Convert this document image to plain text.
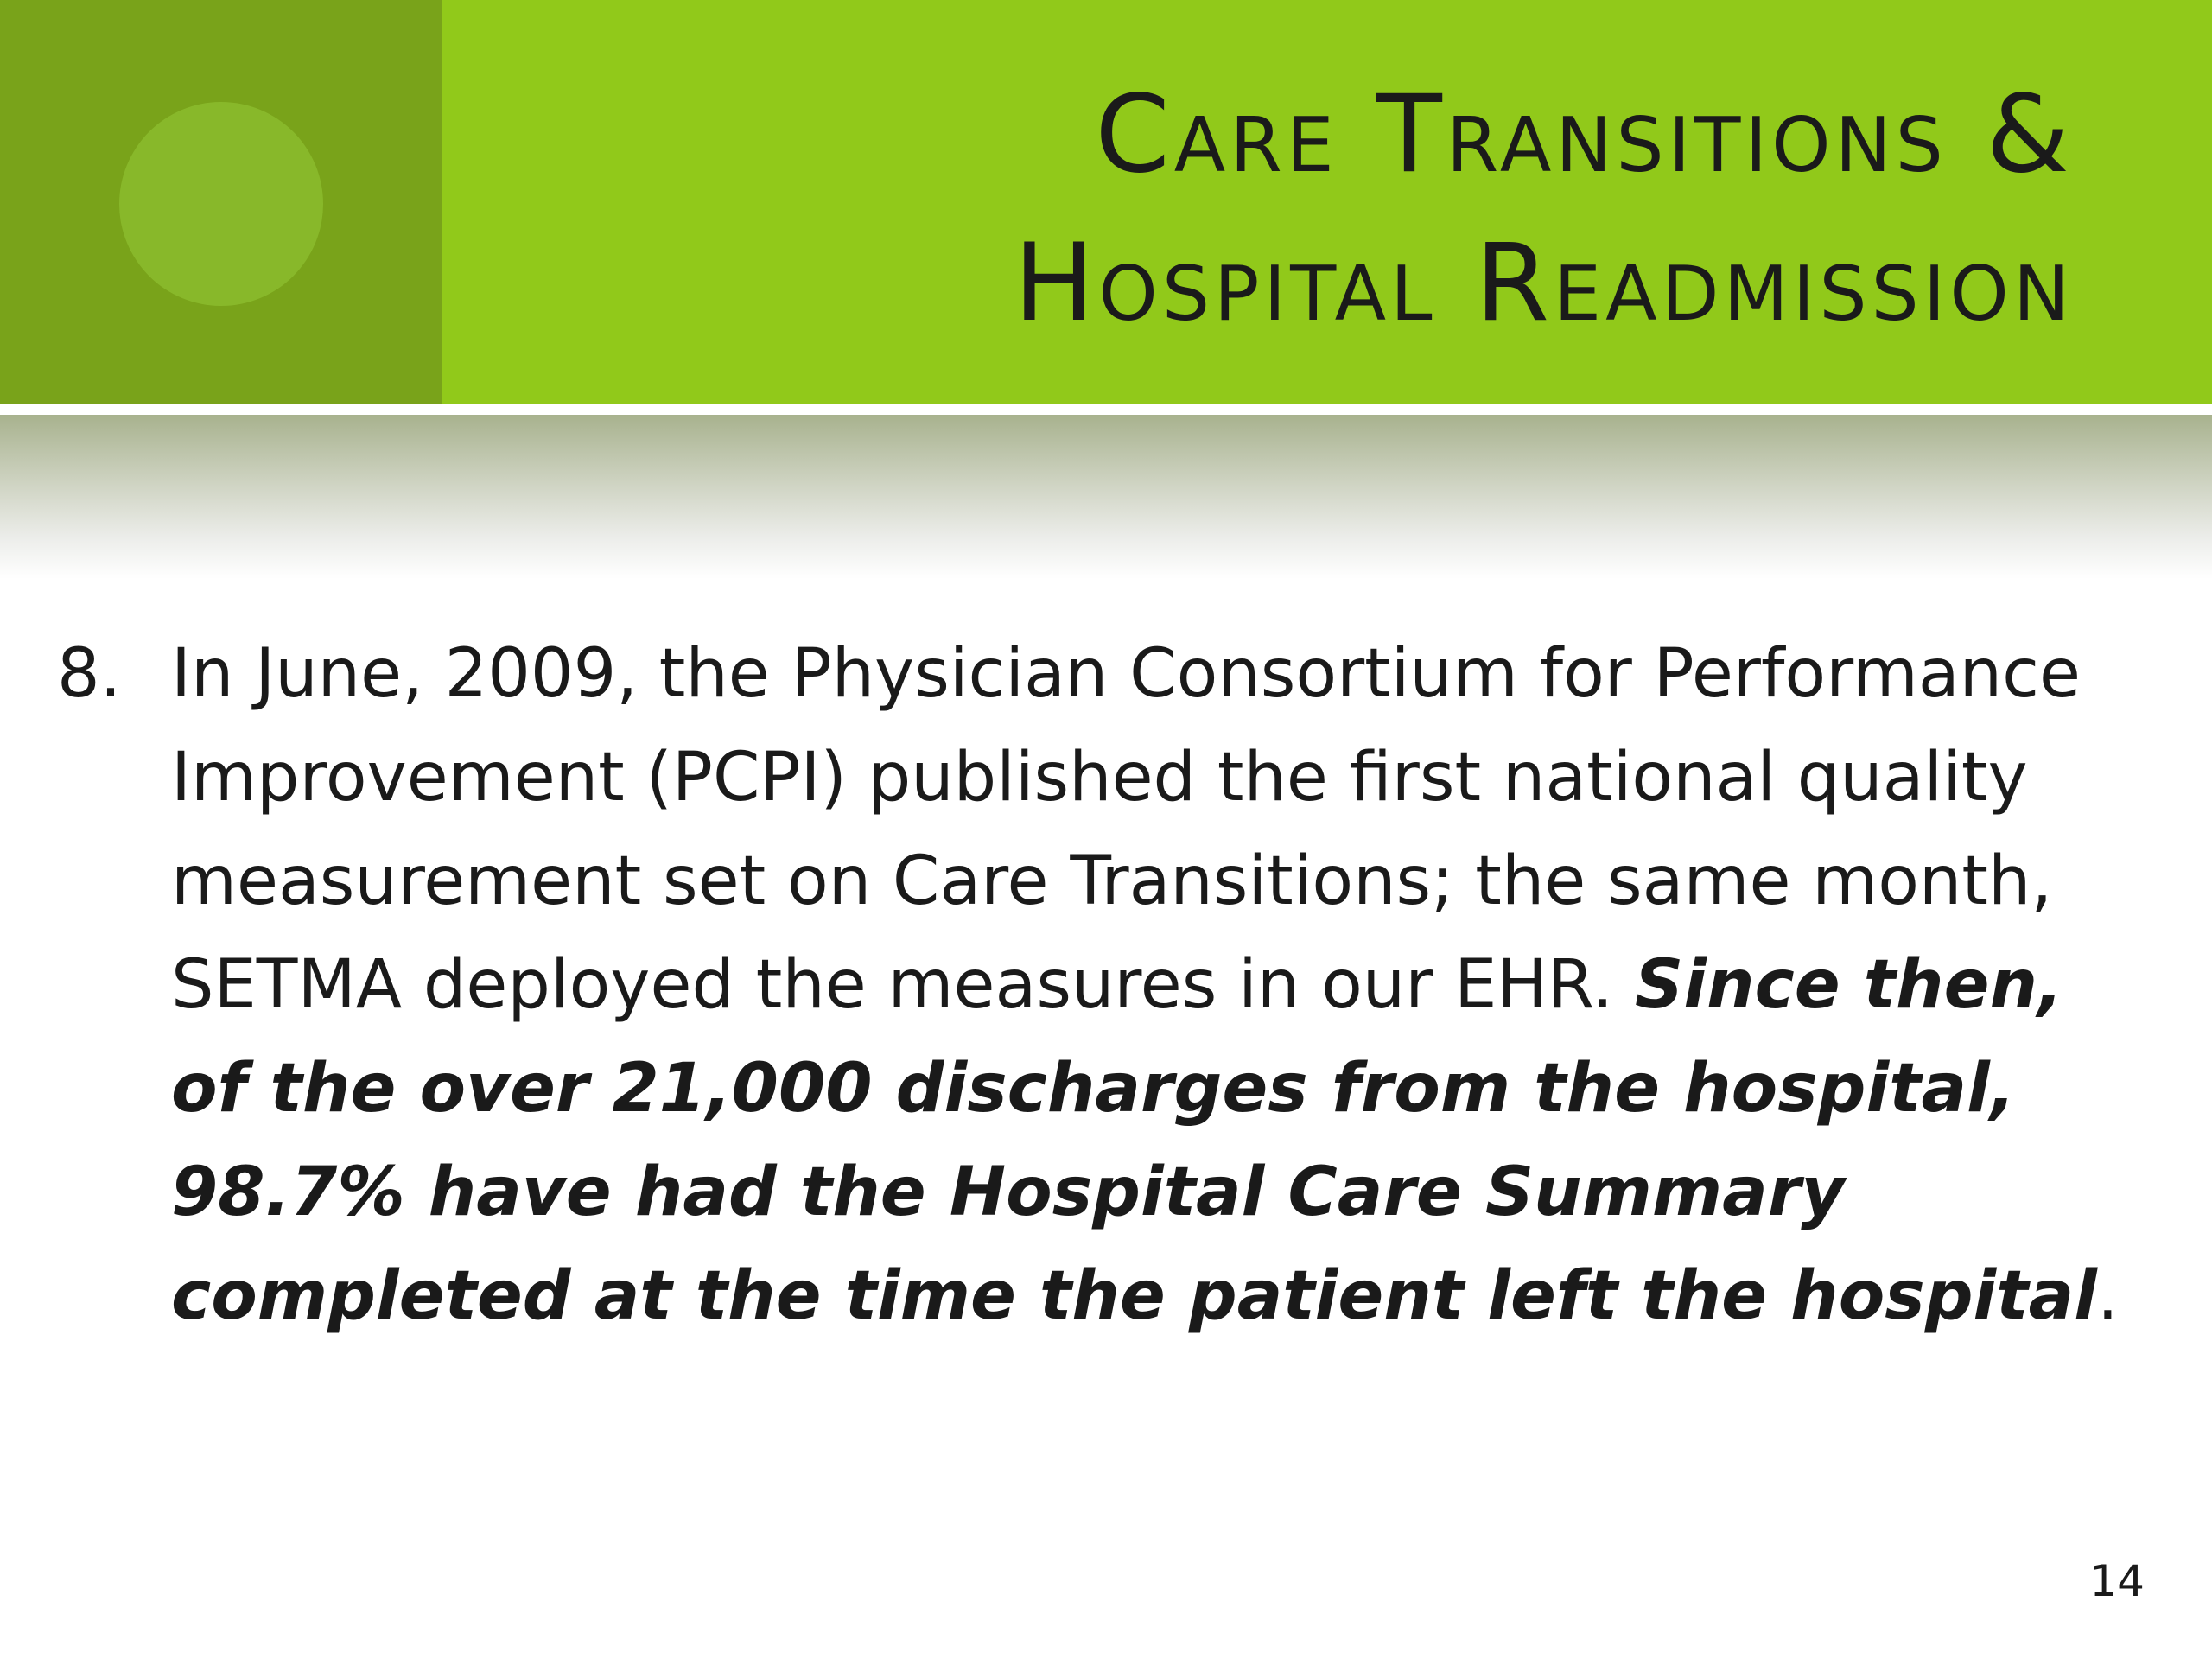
Care Transitions &
Hospital Readmission
8. In June, 2009, the Physician Consortium for Performance Improvement (PCPI) published the first national quality measurement set on Care Transitions; the same month, SETMA deployed the measures in our EHR. Since then, of the over 21,000 discharges from the hospital, 98.7% have had the Hospital Care Summary completed at the time the patient left the hospital.
14
